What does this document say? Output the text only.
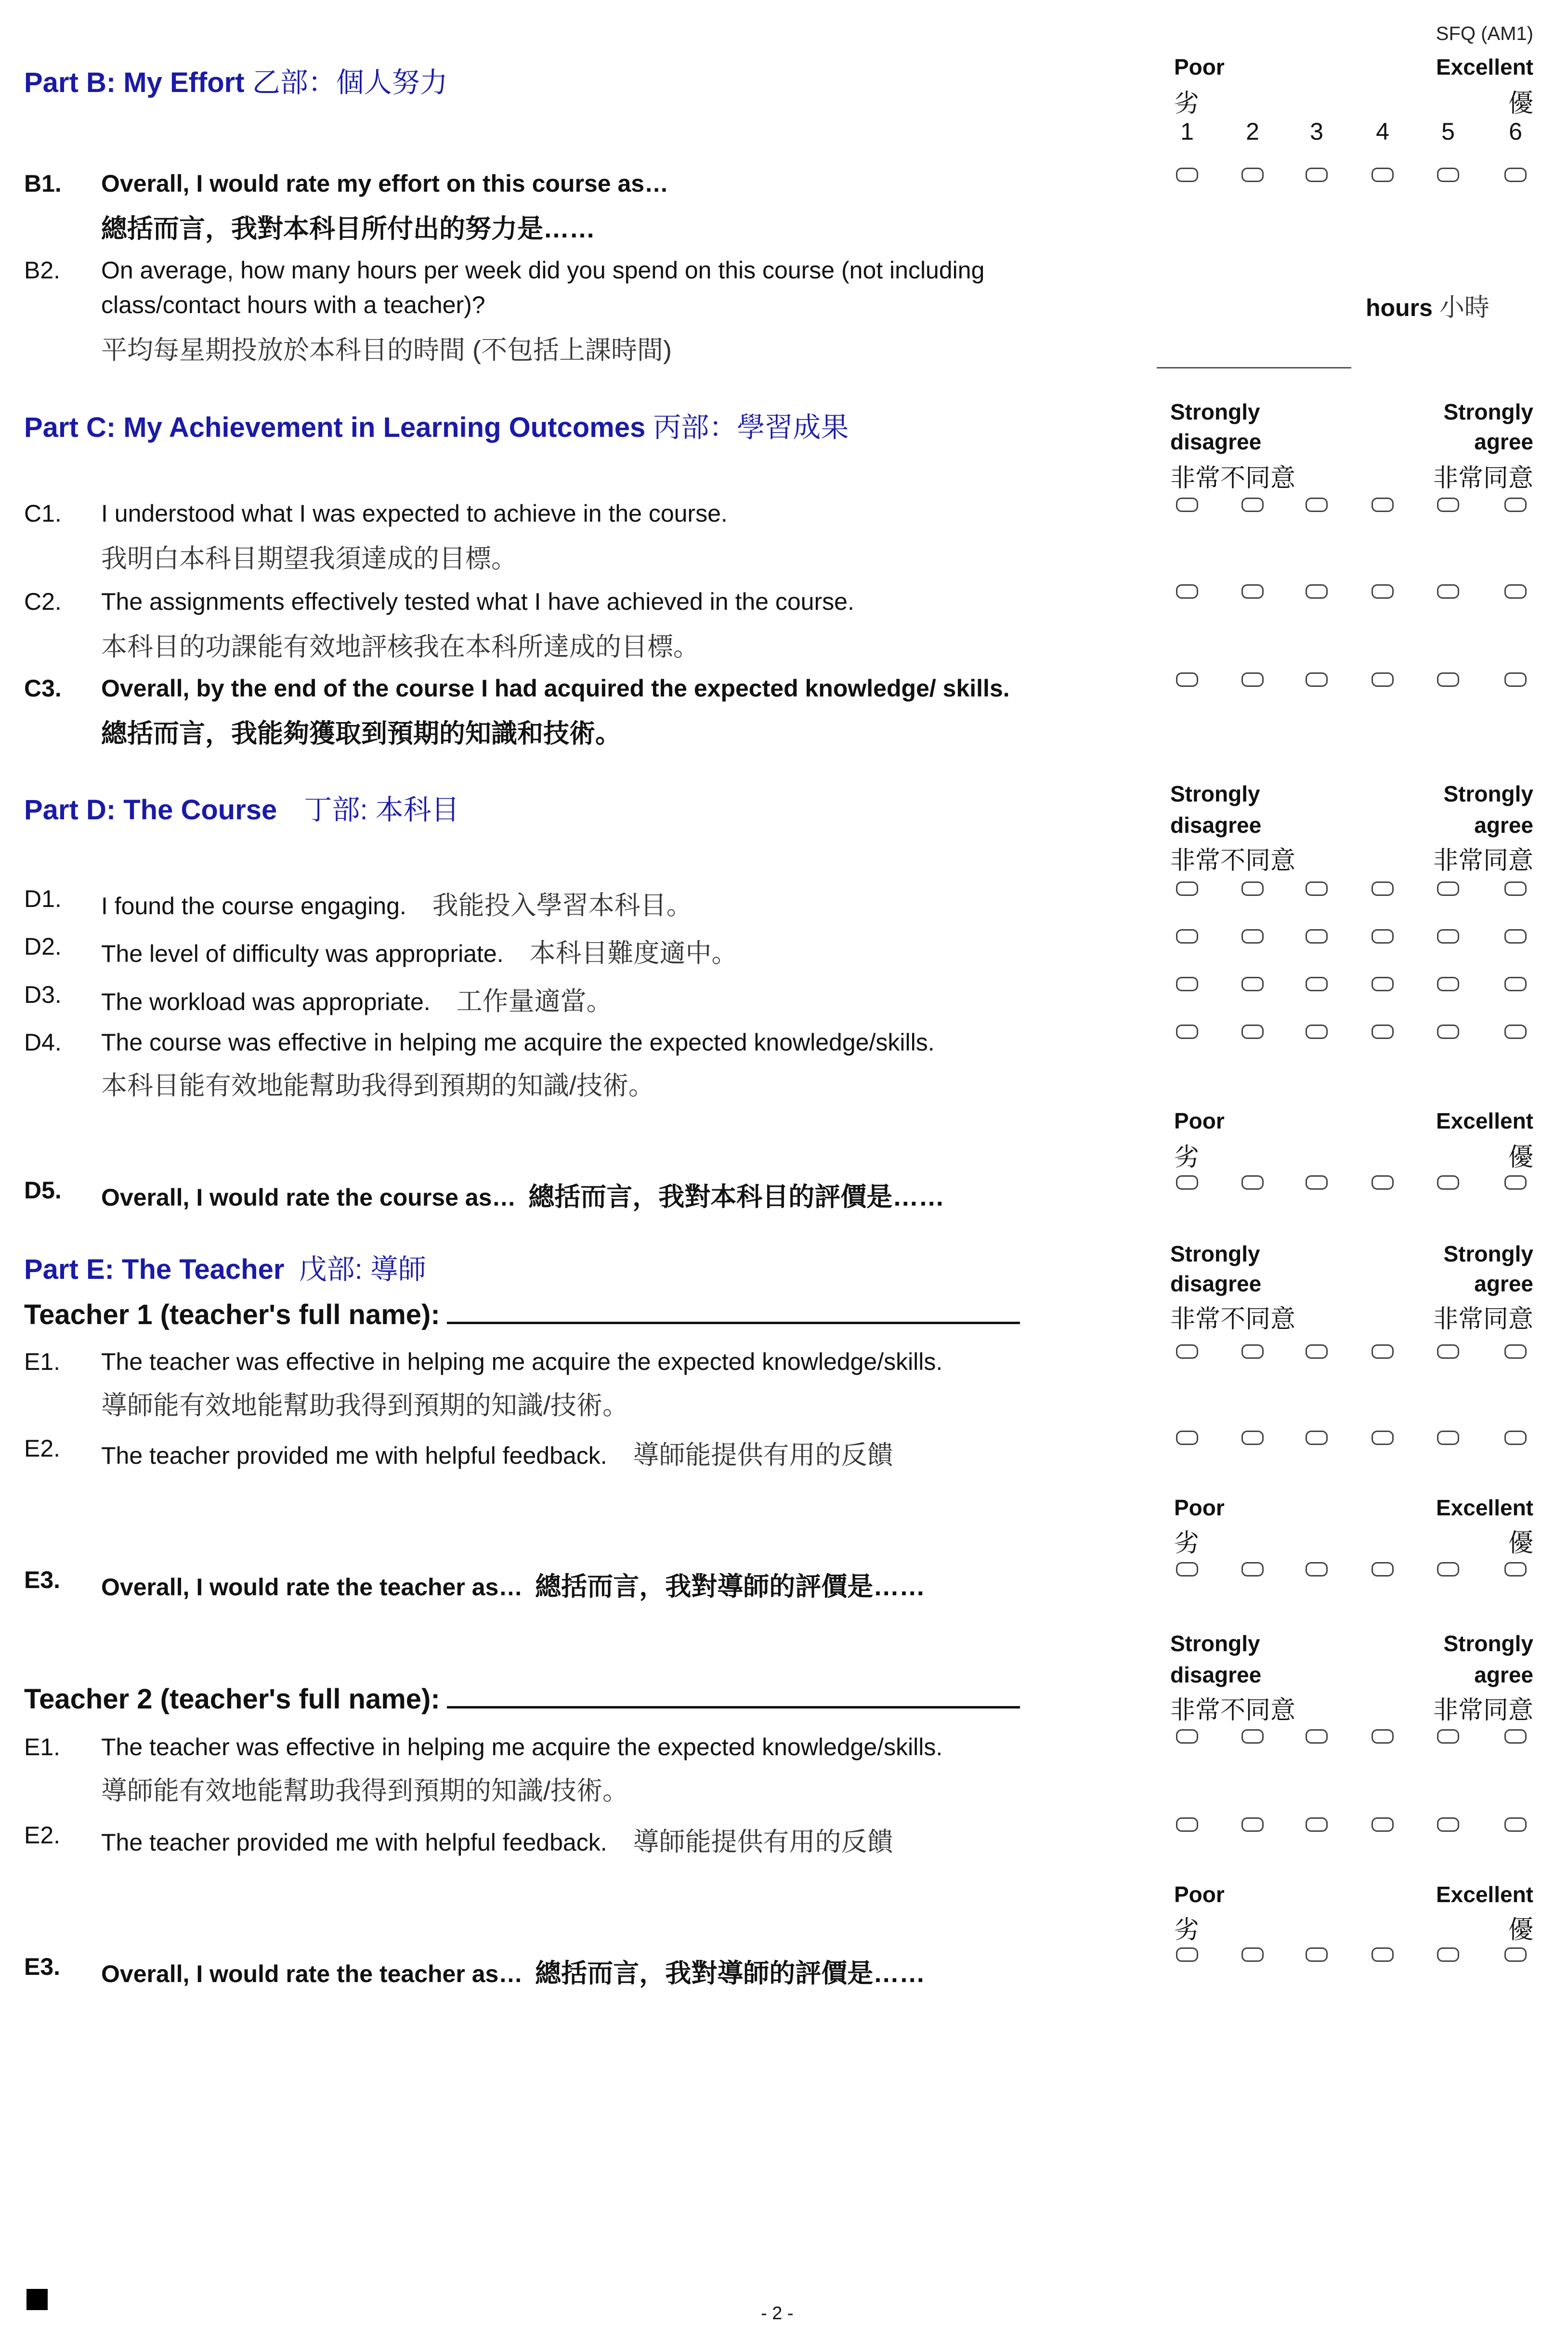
SFQ (AM1)
Part B: My Effort 乙部：個人努力	Poor	Excellent
劣	優
1	2	3	4	5	6
B1. Overall, I would rate my effort on this course as…
總括而言，我對本科目所付出的努力是……
B2. On average, how many hours per week did you spend on this course (not including
class/contact hours with a teacher)?
平均每星期投放於本科目的時間 (不包括上課時間)
hours 小時
Part C: My Achievement in Learning Outcomes 丙部：學習成果	Strongly
disagree
非常不同意
Strongly
agree
非常同意
C1. I understood what I was expected to achieve in the course.
我明白本科目期望我須達成的目標。
C2. The assignments effectively tested what I have achieved in the course.
本科目的功課能有效地評核我在本科所達成的目標。
C3. Overall, by the end of the course I had acquired the expected knowledge/ skills.
總括而言，我能夠獲取到預期的知識和技術。
Part D: The Course 丁部: 本科目
Strongly
disagree
非常不同意
Strongly
agree
非常同意
D1. I found the course engaging. 我能投入學習本科目。
D2. The level of difficulty was appropriate. 本科目難度適中。
D3. The workload was appropriate. 工作量適當。
D4. The course was effective in helping me acquire the expected knowledge/skills.
本科目能有效地能幫助我得到預期的知識/技術。
Poor	Excellent
劣	優
D5. Overall, I would rate the course as… 總括而言，我對本科目的評價是……
Part E: The Teacher 戊部: 導師	Strongly
disagree
非常不同意
Strongly
agree
非常同意
Teacher 1 (teacher's full name):
E1. The teacher was effective in helping me acquire the expected knowledge/skills.
導師能有效地能幫助我得到預期的知識/技術。
E2. The teacher provided me with helpful feedback. 導師能提供有用的反饋
Poor	Excellent
劣	優
E3. Overall, I would rate the teacher as… 總括而言，我對導師的評價是……
Strongly
disagree
非常不同意
Strongly
agree
非常同意
Teacher 2 (teacher's full name):
E1. The teacher was effective in helping me acquire the expected knowledge/skills.
導師能有效地能幫助我得到預期的知識/技術。
E2. The teacher provided me with helpful feedback. 導師能提供有用的反饋
Poor	Excellent
劣	優
E3. Overall, I would rate the teacher as… 總括而言，我對導師的評價是……
- 2 -
